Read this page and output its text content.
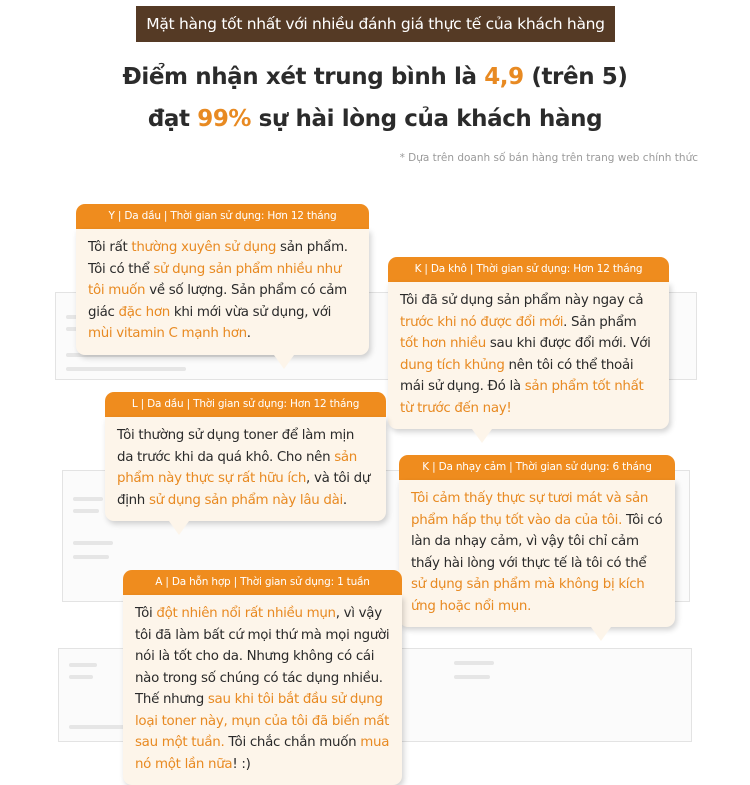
Mặt hàng tốt nhất với nhiều đánh giá thực tế của khách hàng
Điểm nhận xét trung bình là 4,9 (trên 5)
đạt 99% sự hài lòng của khách hàng
* Dựa trên doanh số bán hàng trên trang web chính thức
Y | Da dầu | Thời gian sử dụng: Hơn 12 tháng
Tôi rất thường xuyên sử dụng sản phẩm. Tôi có thể sử dụng sản phẩm nhiều như tôi muốn về số lượng. Sản phẩm có cảm giác đặc hơn khi mới vừa sử dụng, với mùi vitamin C mạnh hơn.
K | Da khô | Thời gian sử dụng: Hơn 12 tháng
Tôi đã sử dụng sản phẩm này ngay cả trước khi nó được đổi mới. Sản phẩm tốt hơn nhiều sau khi được đổi mới. Với dung tích khủng nên tôi có thể thoải mái sử dụng. Đó là sản phẩm tốt nhất từ trước đến nay!
L | Da dầu | Thời gian sử dụng: Hơn 12 tháng
Tôi thường sử dụng toner để làm mịn da trước khi da quá khô. Cho nên sản phẩm này thực sự rất hữu ích, và tôi dự định sử dụng sản phẩm này lâu dài.
K | Da nhạy cảm | Thời gian sử dụng: 6 tháng
Tôi cảm thấy thực sự tươi mát và sản phẩm hấp thụ tốt vào da của tôi. Tôi có làn da nhạy cảm, vì vậy tôi chỉ cảm thấy hài lòng với thực tế là tôi có thể sử dụng sản phẩm mà không bị kích ứng hoặc nổi mụn.
A | Da hỗn hợp | Thời gian sử dụng: 1 tuần
Tôi đột nhiên nổi rất nhiều mụn, vì vậy tôi đã làm bất cứ mọi thứ mà mọi người nói là tốt cho da. Nhưng không có cái nào trong số chúng có tác dụng nhiều. Thế nhưng sau khi tôi bắt đầu sử dụng loại toner này, mụn của tôi đã biến mất sau một tuần. Tôi chắc chắn muốn mua nó một lần nữa! :)
